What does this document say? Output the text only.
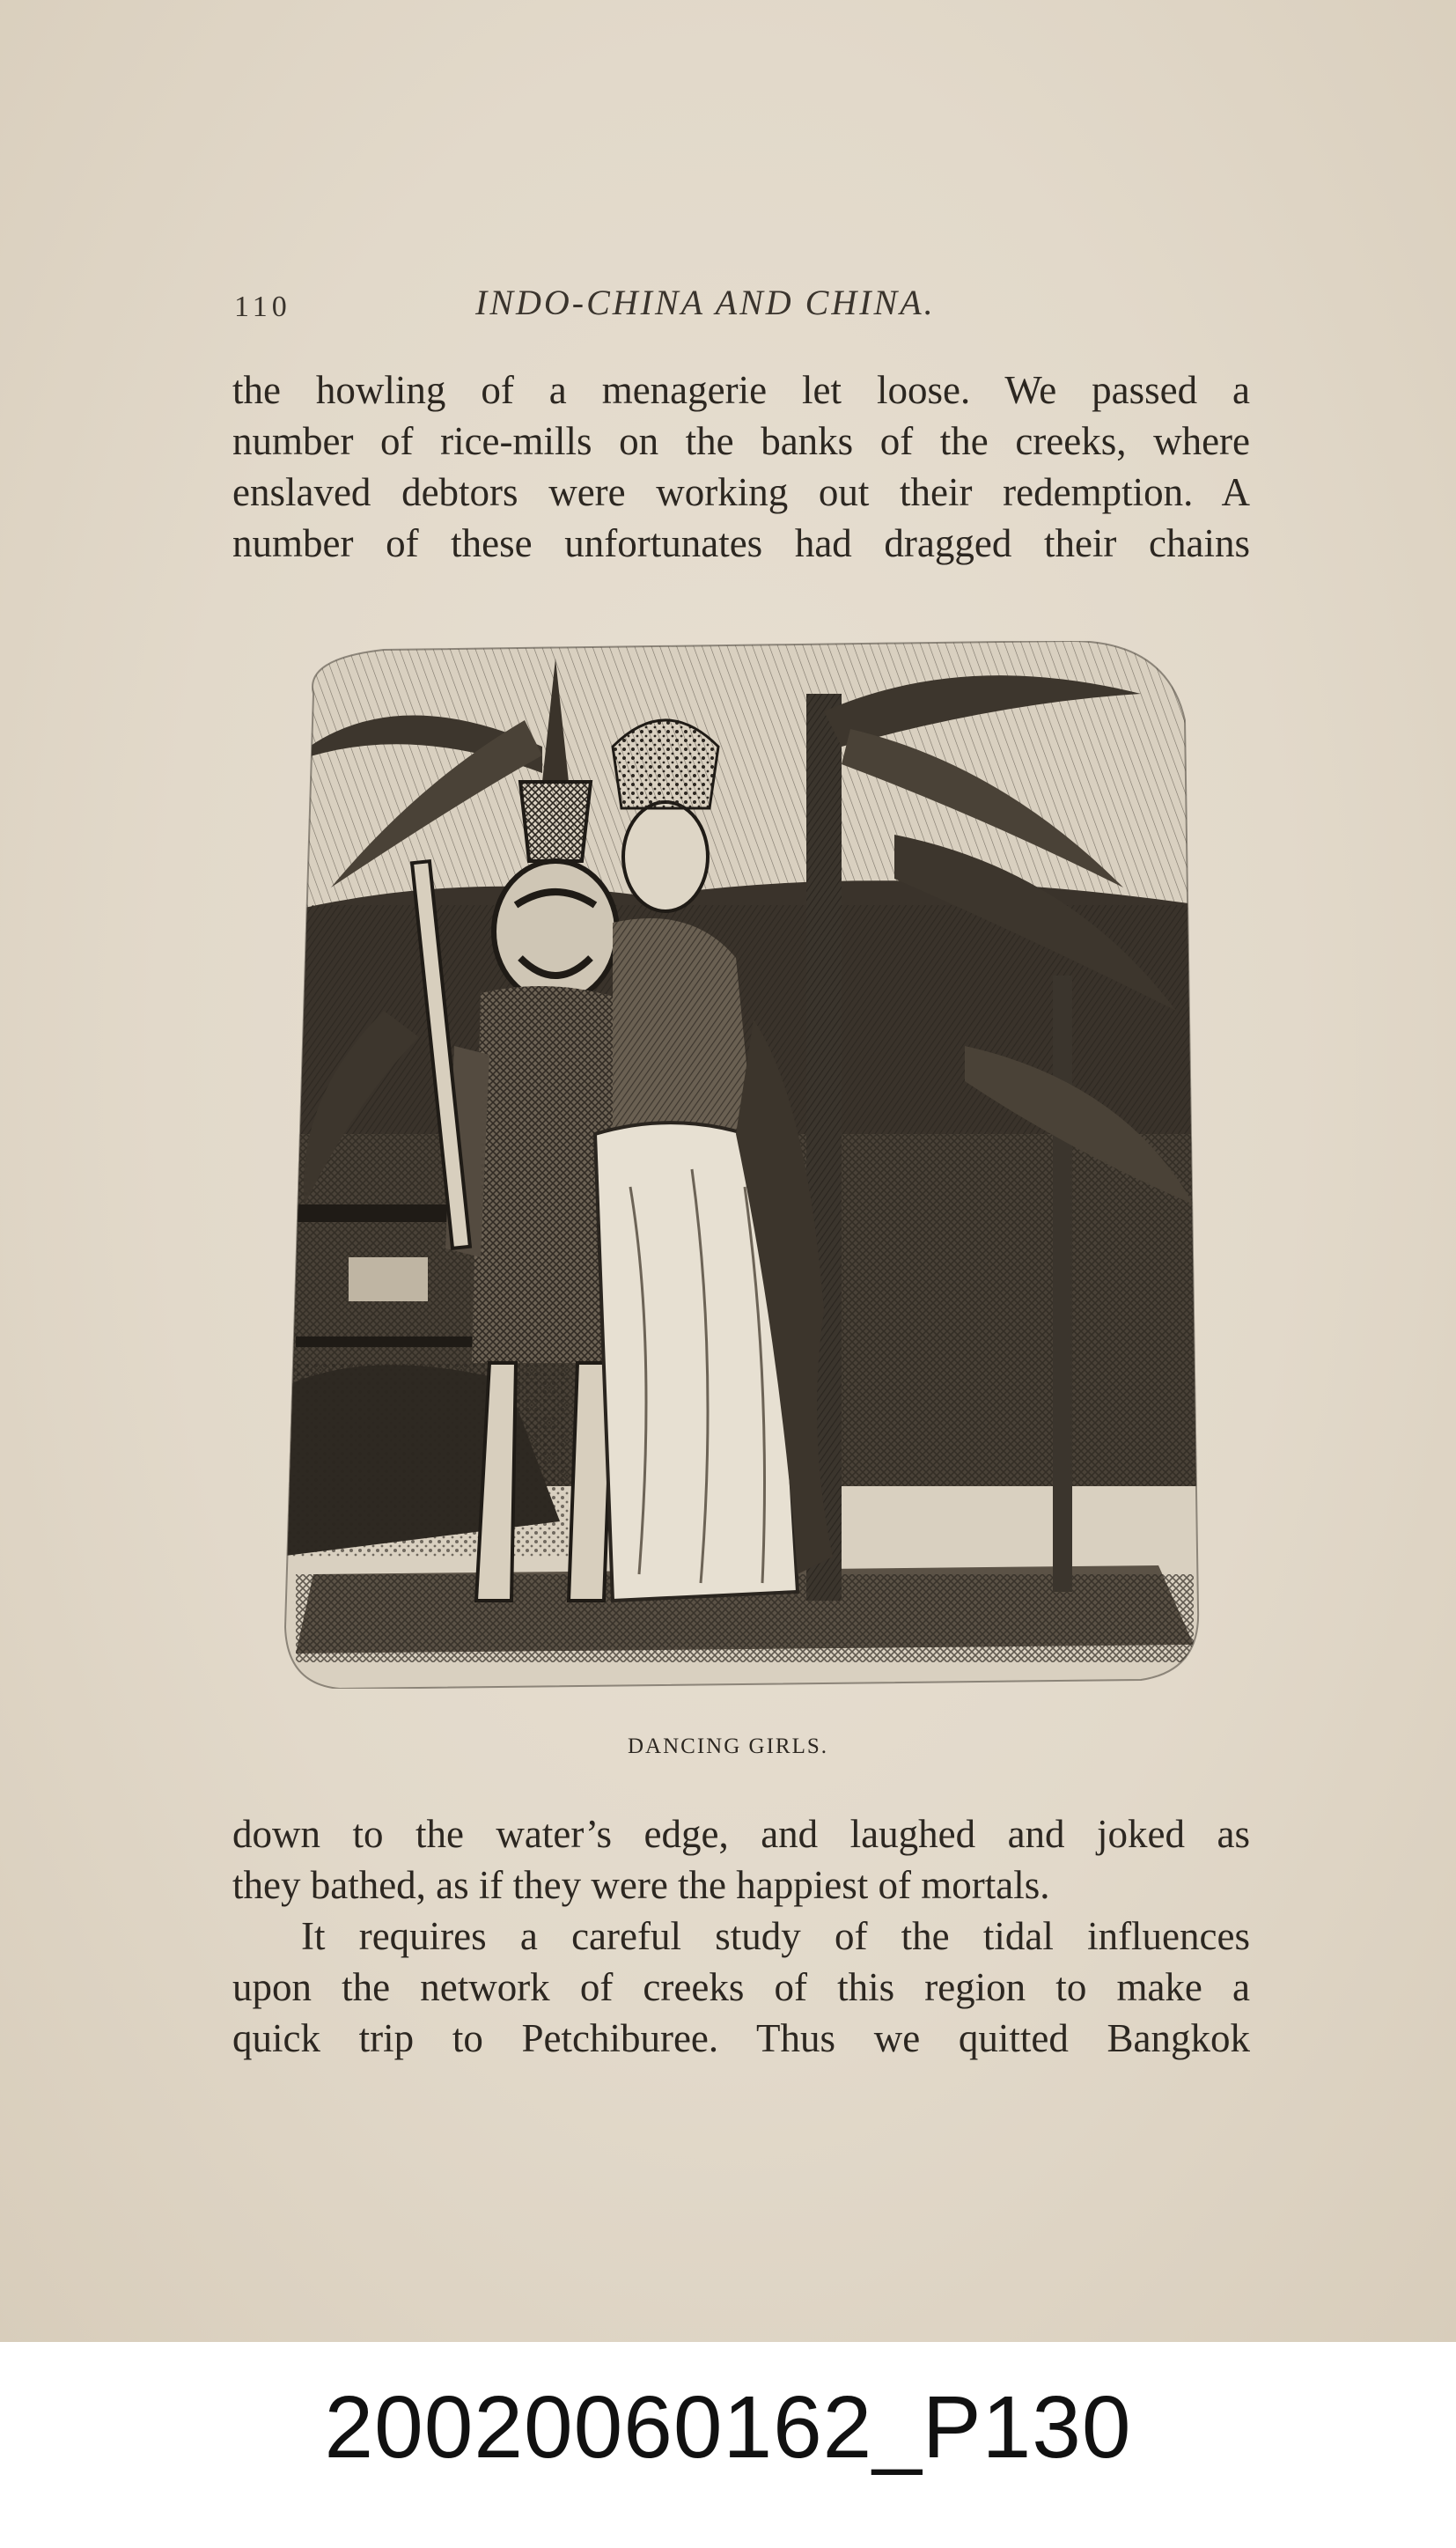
110	INDO-CHINA AND CHINA.

the howling of a menagerie let loose. We passed a
number of rice-mills on the banks of the creeks, where
enslaved debtors were working out their redemption. A
number of these unfortunates had dragged their chains

DANCING GIRLS.

down to the water’s edge, and laughed and joked as
they bathed, as if they were the happiest of mortals.

It requires a careful study of the tidal influences
upon the network of creeks of this region to make a
quick trip to Petchiburee. Thus we quitted Bangkok

20020060162_P130
